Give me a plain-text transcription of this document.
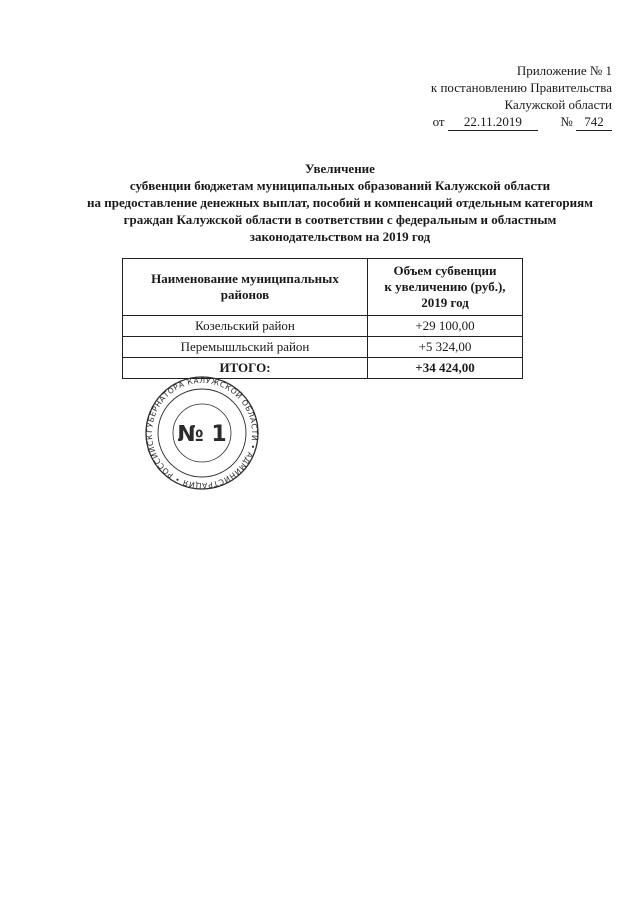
Приложение № 1
к постановлению Правительства
Калужской области
от 22.11.2019	№ 742
Увеличение
субвенции бюджетам муниципальных образований Калужской области
на предоставление денежных выплат, пособий и компенсаций отдельным категориям
граждан Калужской области в соответствии с федеральным и областным
законодательством на 2019 год
Наименование муниципальных районов	Объем субвенции
к увеличению (руб.),
2019 год
Козельский район	+29 100,00
Перемышльский район	+5 324,00
ИТОГО:	+34 424,00
ГУБЕРНАТОРА КАЛУЖСКОЙ ОБЛАСТИ • АДМИНИСТРАЦИЯ • РОССИЙСК	№ 1
